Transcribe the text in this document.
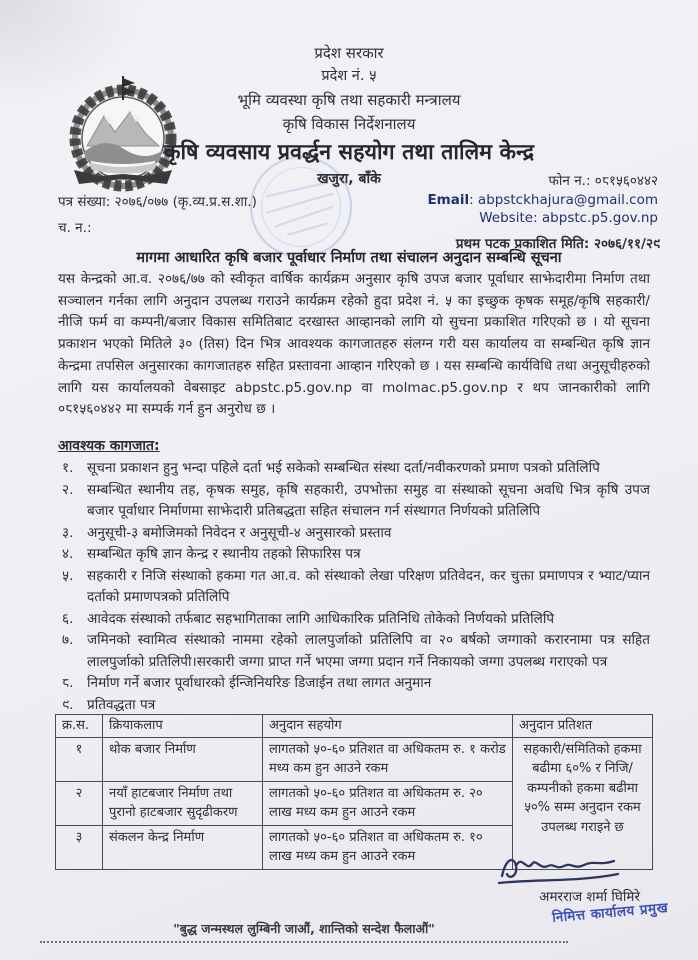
प्रदेश सरकार
प्रदेश नं. ५
भूमि व्यवस्था कृषि तथा सहकारी मन्त्रालय
कृषि विकास निर्देशनालय
कृषि व्यवसाय प्रवर्द्धन सहयोग तथा तालिम केन्द्र
खजुरा, बाँके	फोन न.: ०८१५६०४४२
Email: abpstckhajura@gmail.com
Website: abpstc.p5.gov.np
पत्र संख्या: २०७६/०७७ (कृ.व्य.प्र.स.शा.)
च. न.:
प्रथम पटक प्रकाशित मिति: २०७६/११/२९
मागमा आधारित कृषि बजार पूर्वाधार निर्माण तथा संचालन अनुदान सम्बन्धि सूचना
यस केन्द्रको आ.व. २०७६/७७ को स्वीकृत वार्षिक कार्यक्रम अनुसार कृषि उपज बजार पूर्वाधार साझेदारीमा निर्माण तथा सञ्चालन गर्नका लागि अनुदान उपलब्ध गराउने कार्यक्रम रहेको हुदा प्रदेश नं. ५ का इच्छुक कृषक समूह/कृषि सहकारी/नीजि फर्म वा कम्पनी/बजार विकास समितिबाट दरखास्त आव्हानको लागि यो सुचना प्रकाशित गरिएको छ । यो सूचना प्रकाशन भएको मितिले ३० (तिस) दिन भित्र आवश्यक कागजातहरु संलग्न गरी यस कार्यालय वा सम्बन्धित कृषि ज्ञान केन्द्रमा तपसिल अनुसारका कागजातहरु सहित प्रस्तावना आव्हान गरिएको छ । यस सम्बन्धि कार्यविधि तथा अनुसूचीहरुको लागि यस कार्यालयको वेबसाइट abpstc.p5.gov.np वा molmac.p5.gov.np र थप जानकारीको लागि ०८१५६०४४२ मा सम्पर्क गर्न हुन अनुरोध छ ।
आवश्यक कागजात:
१.	सूचना प्रकाशन हुनु भन्दा पहिले दर्ता भई सकेको सम्बन्धित संस्था दर्ता/नवीकरणको प्रमाण पत्रको प्रतिलिपि
२.	सम्बन्धित स्थानीय तह, कृषक समुह, कृषि सहकारी, उपभोक्ता समुह वा संस्थाको सूचना अवधि भित्र कृषि उपज बजार पूर्वाधार निर्माणमा साझेदारी प्रतिबद्धता सहित संचालन गर्न संस्थागत निर्णयको प्रतिलिपि
३.	अनुसूची-३ बमोजिमको निवेदन र अनुसूची-४ अनुसारको प्रस्ताव
४.	सम्बन्धित कृषि ज्ञान केन्द्र र स्थानीय तहको सिफारिस पत्र
५.	सहकारी र निजि संस्थाको हकमा गत आ.व. को संस्थाको लेखा परिक्षण प्रतिवेदन, कर चुक्ता प्रमाणपत्र र भ्याट/प्यान दर्ताको प्रमाणपत्रको प्रतिलिपि
६.	आवेदक संस्थाको तर्फबाट सहभागिताका लागि आधिकारिक प्रतिनिधि तोकेको निर्णयको प्रतिलिपि
७.	जमिनको स्वामित्व संस्थाको नाममा रहेको लालपुर्जाको प्रतिलिपि वा २० बर्षको जग्गाको करारनामा पत्र सहित लालपुर्जाको प्रतिलिपी।सरकारी जग्गा प्राप्त गर्ने भएमा जग्गा प्रदान गर्ने निकायको जग्गा उपलब्ध गराएको पत्र
८.	निर्माण गर्ने बजार पूर्वाधारको ईन्जिनियरिङ डिजाईन तथा लागत अनुमान
९.	प्रतिवद्धता पत्र
क्र.स.	क्रियाकलाप	अनुदान सहयोग	अनुदान प्रतिशत
१	थोक बजार निर्माण	लागतको ५०-६० प्रतिशत वा अधिकतम रु. १ करोड मध्य कम हुन आउने रकम	सहकारी/समितिको हकमा बढीमा ६०% र निजि/कम्पनीको हकमा बढीमा ५०% सम्म अनुदान रकम उपलब्ध गराइने छ
२	नयाँ हाटबजार निर्माण तथा पुरानो हाटबजार सुदृढीकरण	लागतको ५०-६० प्रतिशत वा अधिकतम रु. २० लाख मध्य कम हुन आउने रकम	
३	संकलन केन्द्र निर्माण	लागतको ५०-६० प्रतिशत वा अधिकतम रु. १० लाख मध्य कम हुन आउने रकम	
अमरराज शर्मा घिमिरे
निमित्त कार्यालय प्रमुख
"बुद्ध जन्मस्थल लुम्बिनी जाऔं, शान्तिको सन्देश फैलाऔं"
